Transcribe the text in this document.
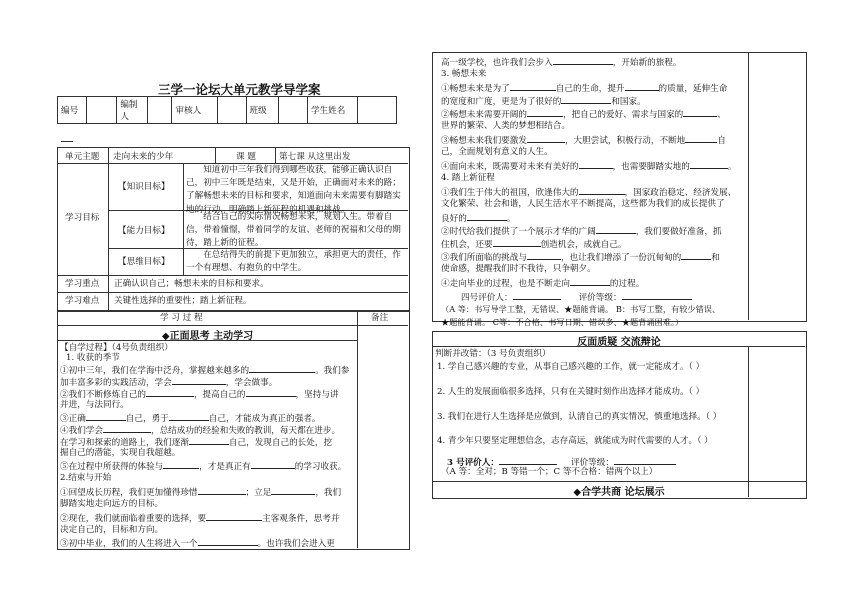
三学一论坛大单元教学导学案
编号		编制人		审核人		班级		学生姓名	
单元主题 走向未来的少年	课 题	第七课 从这里出发
学习目标
【知识目标】
知道初中三年我们得到哪些收获，能够正确认识自己，初中三年既是结束，又是开始，正确面对未来的路；了解畅想未来的目标和要求，知道面向未来需要有脚踏实地的行动，明确踏上新征程的机遇和挑战。
【能力目标】
结合自己的实际情况畅想未来，规划人生。带着自信，带着憧憬，带着同学的友谊、老师的祝福和父母的期待，踏上新的征程。
【思维目标】
在总结得失的前提下更加独立，承担更大的责任，作一个有理想、有抱负的中学生。
学习重点 正确认识自己；畅想未来的目标和要求。
学习难点 关键性选择的重要性；踏上新征程。
学 习 过 程	备注
◆正面思考 主动学习
【自学过程】（4号负责组织）
1. 收获的季节
①初中三年，我们在学海中泛舟，掌握越来越多的	。我们参
加丰富多彩的实践活动，学会	，学会做事。
②我们不断修炼自己的	，提高自己的	，坚持与讲
并进，与法同行。
③正确	自己，勇于	自己，才能成为真正的强者。
④我们学会	，总结成功的经验和失败的教训，每天都在进步。
在学习和探索的道路上，我们逐渐	自己，发现自己的长处，挖
掘自己的潜能，实现自我超越。
⑤在过程中所获得的体验与	，才是真正有	的学习收获。
2.结束与开始
①回望成长历程，我们更加懂得珍惜	；立足	，我们
脚踏实地走向远方的目标。
②现在，我们就面临着重要的选择，要	主客观条件，思考并
决定自己的，目标和方向。
高一级学校，也许我们会步入	，开始新的旅程。
3. 畅想未来
①畅想未来是为了	自己的生命，提升	的质量，延伸生命
的宽度和广度，更是为了很好的	和国家。
②畅想未来需要开阔的	，把自己的爱好、需求与国家的	、
世界的繁荣、人类的梦想相结合。
③畅想未来我们要激发	，大胆尝试，积极行动，不断地	自
己，全面规划有意义的人生。
④面向未来，既需要对未来有美好的	，也需要脚踏实地的	。
4. 踏上新征程
①我们生于伟大的祖国，欣逢伟大的	，国家政治稳定、经济发展、
文化繁荣、社会和谐，人民生活水平不断提高，这些都为我们的成长提供了
良好的	。
②时代给我们提供了一个展示才华的广阔	，我们要做好准备，抓
住机会，还要	创造机会，成就自己。
③我们所面临的挑战与	，也让我们增添了一份沉甸甸的	和
使命感，提醒我们时不我待，只争朝夕。
④走向毕业的过程，也是不断走向	的过程。
四号评价人：	评价等级：
（A 等：书写导学工整，无错误、★题能背诵。 B：书写工整，有较少错误、
★题能背诵。 C等：不合格、书写日期、错误多、★题背诵困难。）
反面质疑 交流辩论
判断并改错：（3 号负责组织）
1. 学自己感兴趣的专业，从事自己感兴趣的工作，就一定能成才。（ ）
2. 人生的发展面临很多选择，只有在关键时刻作出选择才能成功。（ ）
3. 我们在进行人生选择是应做到，认清自己的真实情况，慎重地选择。（ ）
4. 青少年只要坚定理想信念，志存高远，就能成为时代需要的人才。（ ）
3 号评价人：	评价等级：
（A 等：全对；B 等错一个；C 等不合格：错两个以上）
◆合学共商 论坛展示
③初中毕业，我们的人生将进入一个	。也许我们会进入更
